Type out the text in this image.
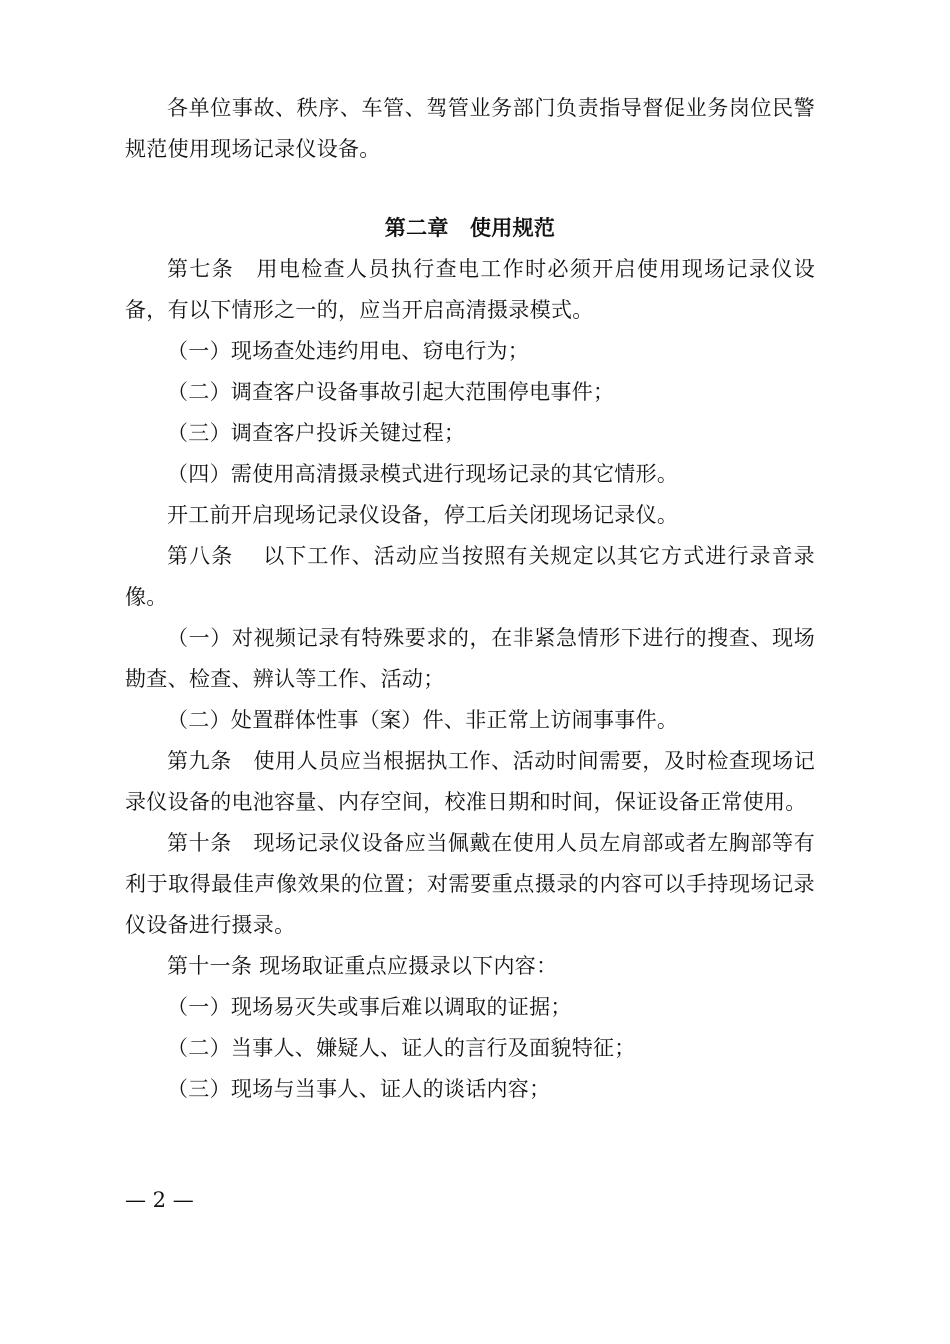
各单位事故、秩序、车管、驾管业务部门负责指导督促业务岗位民警规范使用现场记录仪设备。

第二章　使用规范

第七条　用电检查人员执行查电工作时必须开启使用现场记录仪设备，有以下情形之一的，应当开启高清摄录模式。

（一）现场查处违约用电、窃电行为；

（二）调查客户设备事故引起大范围停电事件；

（三）调查客户投诉关键过程；

（四）需使用高清摄录模式进行现场记录的其它情形。

开工前开启现场记录仪设备，停工后关闭现场记录仪。

第八条　 以下工作、活动应当按照有关规定以其它方式进行录音录像。

（一）对视频记录有特殊要求的，在非紧急情形下进行的搜查、现场勘查、检查、辨认等工作、活动；

（二）处置群体性事（案）件、非正常上访闹事事件。

第九条　使用人员应当根据执工作、活动时间需要，及时检查现场记录仪设备的电池容量、内存空间，校准日期和时间，保证设备正常使用。

第十条　现场记录仪设备应当佩戴在使用人员左肩部或者左胸部等有利于取得最佳声像效果的位置；对需要重点摄录的内容可以手持现场记录仪设备进行摄录。

第十一条 现场取证重点应摄录以下内容：

（一）现场易灭失或事后难以调取的证据；

（二）当事人、嫌疑人、证人的言行及面貌特征；

（三）现场与当事人、证人的谈话内容；

— 2 —
